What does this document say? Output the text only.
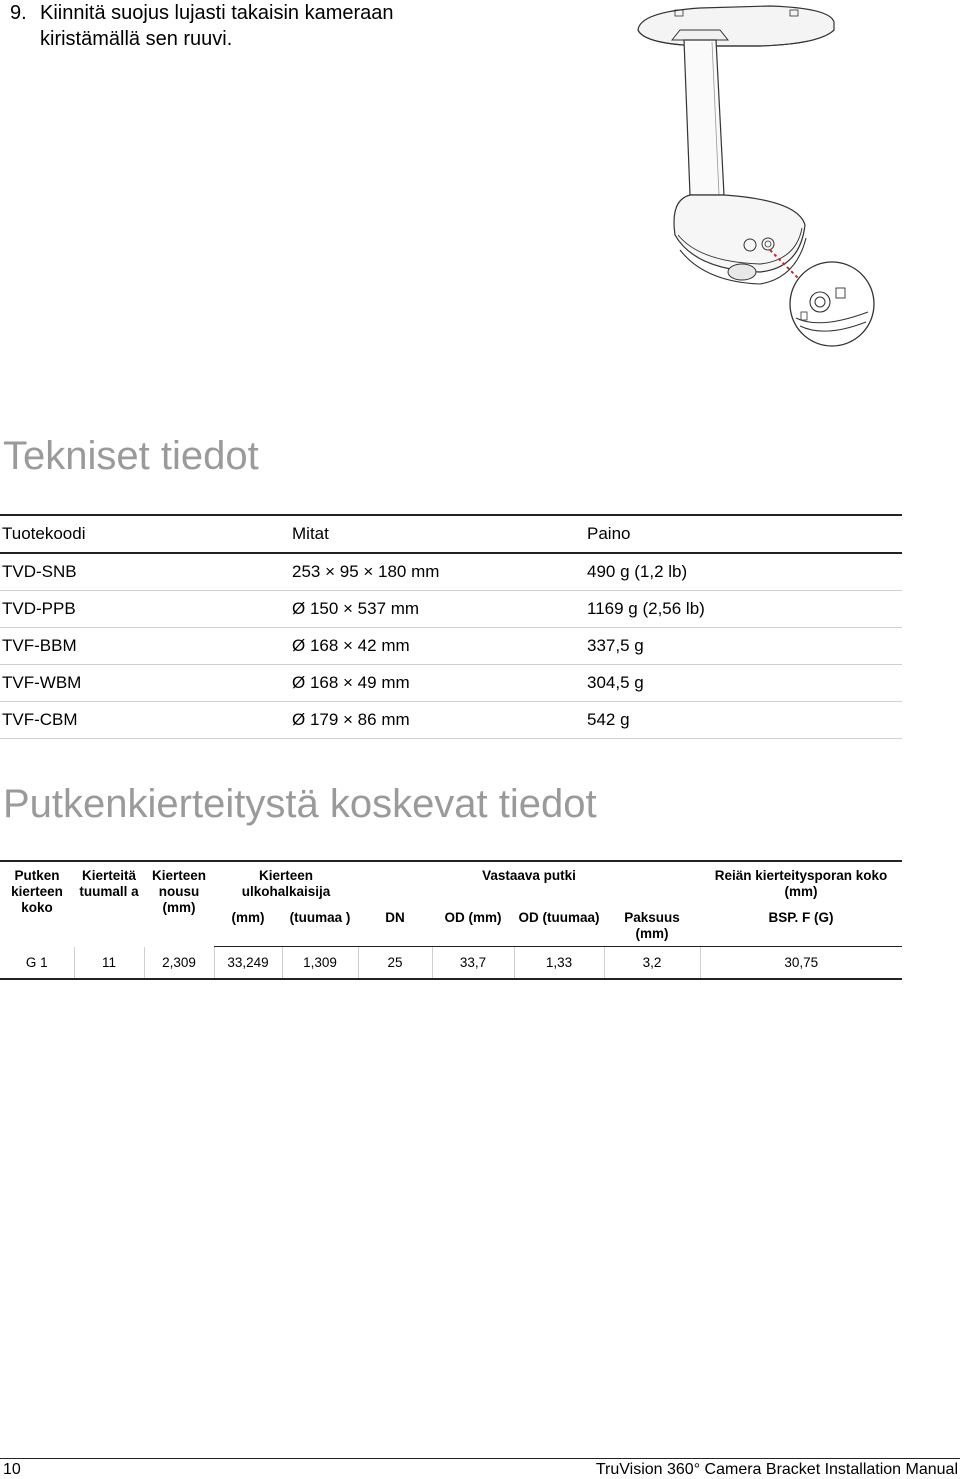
9. Kiinnitä suojus lujasti takaisin kameraan kiristämällä sen ruuvi.
Tekniset tiedot
Tuotekoodi	Mitat	Paino
TVD-SNB	253 × 95 × 180 mm	490 g (1,2 lb)
TVD-PPB	Ø 150 × 537 mm	1169 g (2,56 lb)
TVF-BBM	Ø 168 × 42 mm	337,5 g
TVF-WBM	Ø 168 × 49 mm	304,5 g
TVF-CBM	Ø 179 × 86 mm	542 g
Putkenkierteitystä koskevat tiedot
Putken kierteen koko	Kierteitä tuumall a	Kierteen nousu (mm)	Kierteen ulkohalkaisija		Vastaava putki				Reiän kierteitysporan koko (mm)
			(mm)	(tuumaa )	DN	OD (mm)	OD (tuumaa)	Paksuus (mm)	BSP. F (G)
G 1	11	2,309	33,249	1,309	25	33,7	1,33	3,2	30,75
10	TruVision 360° Camera Bracket Installation Manual
